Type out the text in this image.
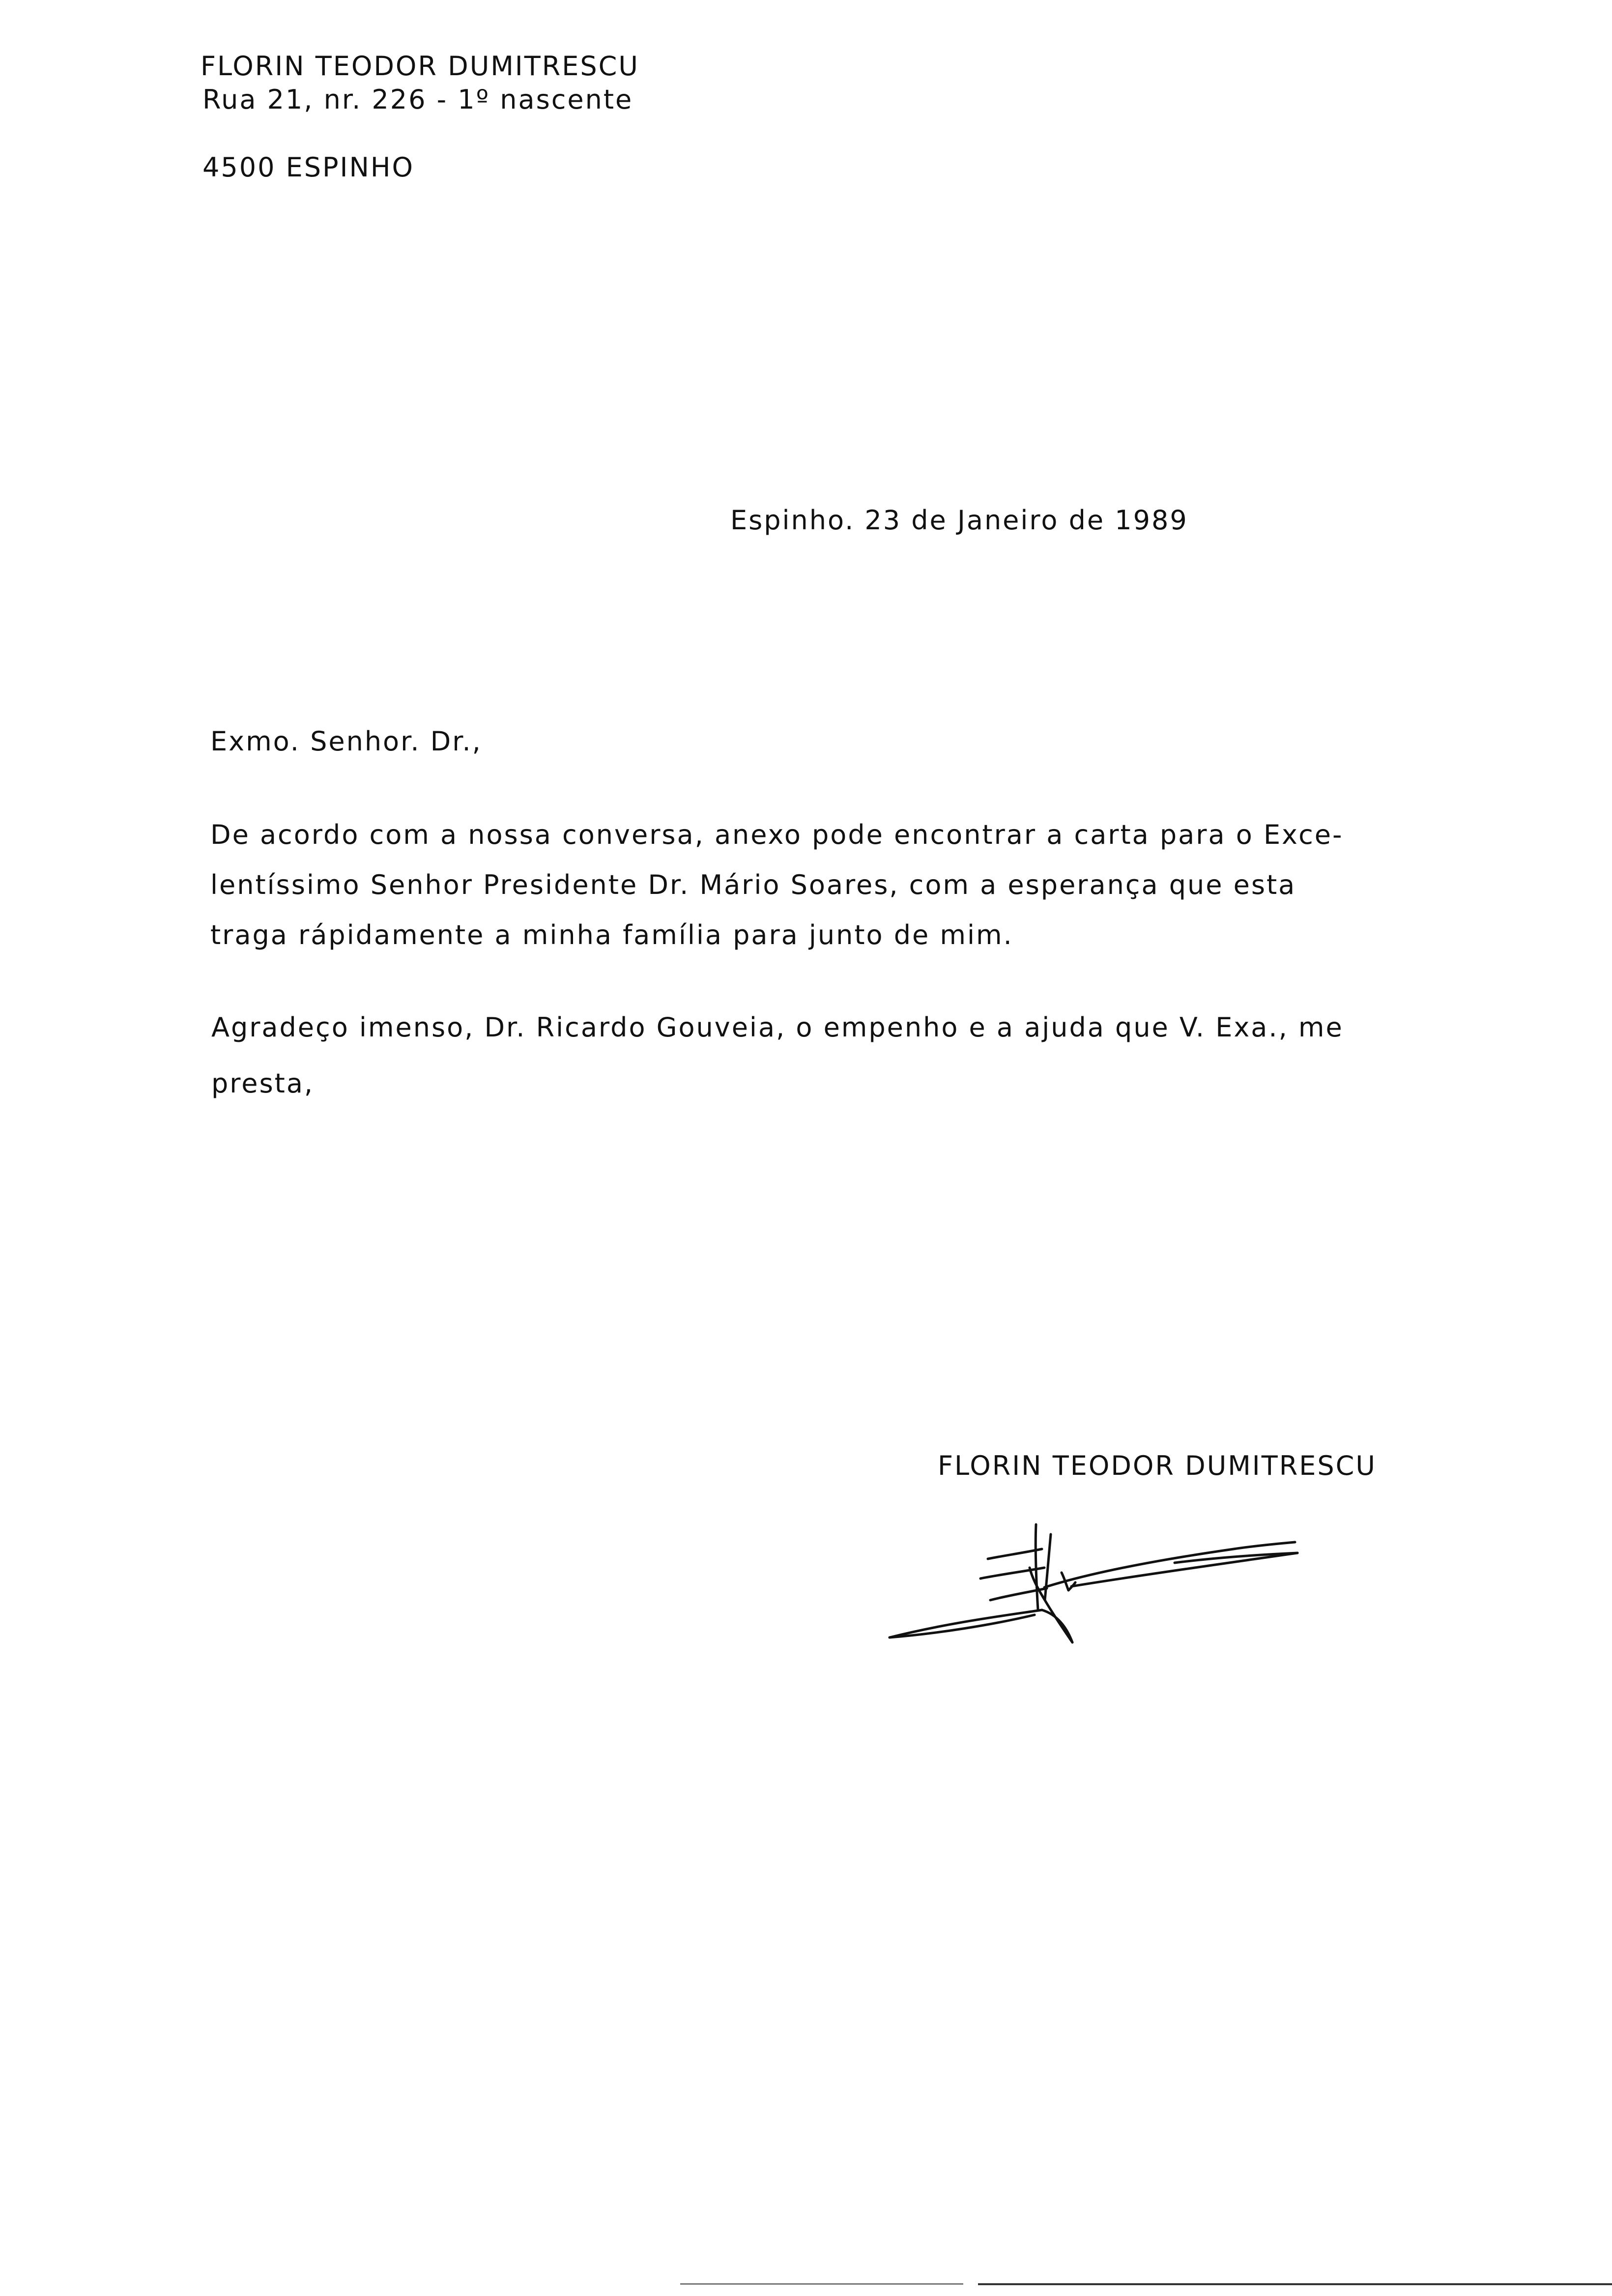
FLORIN TEODOR DUMITRESCU
Rua 21, nr. 226 - 1º nascente
4500 ESPINHO
Espinho. 23 de Janeiro de 1989
Exmo. Senhor. Dr.,
De acordo com a nossa conversa, anexo pode encontrar a carta para o Exce-
lentíssimo Senhor Presidente Dr. Mário Soares, com a esperança que esta
traga rápidamente a minha família para junto de mim.
Agradeço imenso, Dr. Ricardo Gouveia, o empenho e a ajuda que V. Exa., me
presta,
FLORIN TEODOR DUMITRESCU
